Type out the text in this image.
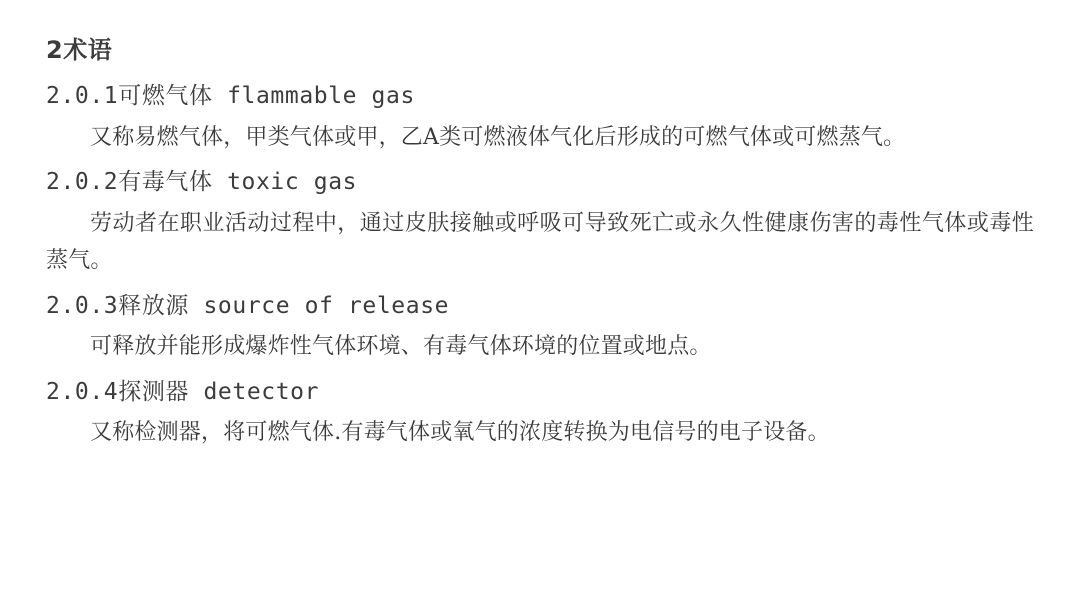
2术语
2.0.1可燃气体 flammable gas

又称易燃气体，甲类气体或甲，乙A类可燃液体气化后形成的可燃气体或可燃蒸气。

2.0.2有毒气体 toxic gas

劳动者在职业活动过程中，通过皮肤接触或呼吸可导致死亡或永久性健康伤害的毒性气体或毒性蒸气。

2.0.3释放源 source of release

可释放并能形成爆炸性气体环境、有毒气体环境的位置或地点。

2.0.4探测器 detector

又称检测器，将可燃气体.有毒气体或氧气的浓度转换为电信号的电子设备。
